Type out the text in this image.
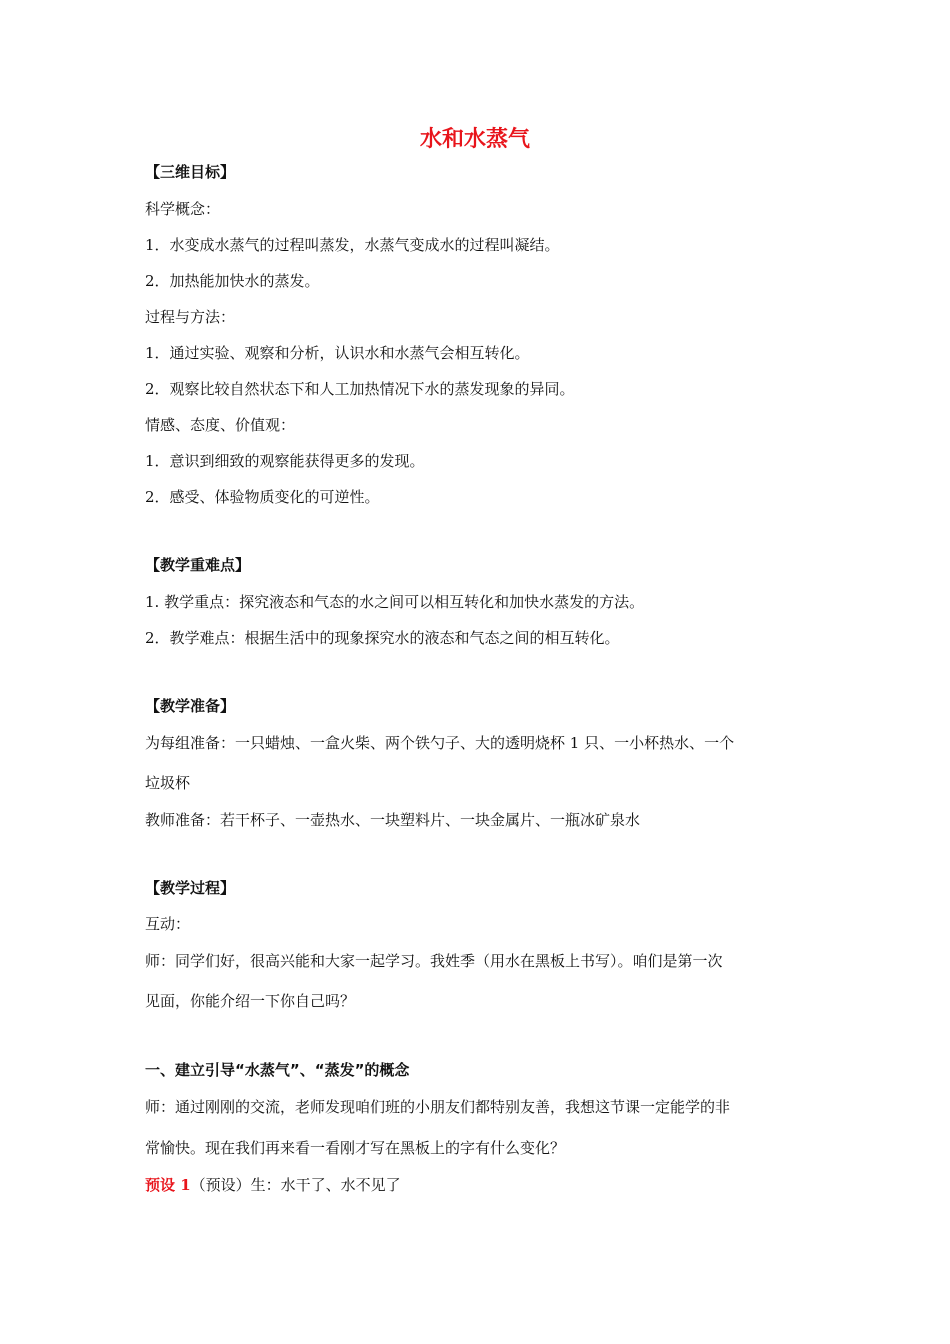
水和水蒸气
【三维目标】
科学概念：
1．水变成水蒸气的过程叫蒸发，水蒸气变成水的过程叫凝结。
2．加热能加快水的蒸发。
过程与方法：
1．通过实验、观察和分析，认识水和水蒸气会相互转化。
2．观察比较自然状态下和人工加热情况下水的蒸发现象的异同。
情感、态度、价值观：
1．意识到细致的观察能获得更多的发现。
2．感受、体验物质变化的可逆性。
【教学重难点】
1. 教学重点：探究液态和气态的水之间可以相互转化和加快水蒸发的方法。
2．教学难点：根据生活中的现象探究水的液态和气态之间的相互转化。
【教学准备】
为每组准备：一只蜡烛、一盒火柴、两个铁勺子、大的透明烧杯 1 只、一小杯热水、一个
垃圾杯
教师准备：若干杯子、一壶热水、一块塑料片、一块金属片、一瓶冰矿泉水
【教学过程】
互动：
师：同学们好，很高兴能和大家一起学习。我姓季（用水在黑板上书写）。咱们是第一次
见面，你能介绍一下你自己吗？
一、建立引导“水蒸气”、“蒸发”的概念
师：通过刚刚的交流，老师发现咱们班的小朋友们都特别友善，我想这节课一定能学的非
常愉快。现在我们再来看一看刚才写在黑板上的字有什么变化？
预设 1（预设）生：水干了、水不见了
